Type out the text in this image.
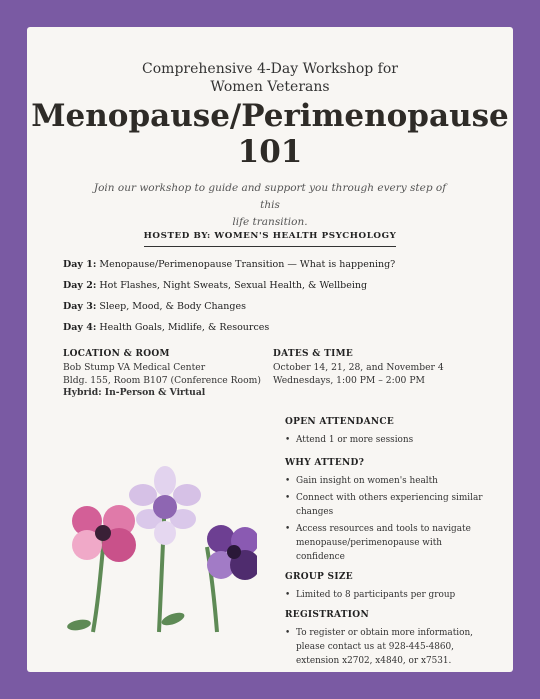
Comprehensive 4-Day Workshop for
Women Veterans
Menopause/Perimenopause
101
Join our workshop to guide and support you through every step of this
life transition.
HOSTED BY: WOMEN'S HEALTH PSYCHOLOGY
Day 1: Menopause/Perimenopause Transition — What is happening?
Day 2: Hot Flashes, Night Sweats, Sexual Health, & Wellbeing
Day 3: Sleep, Mood, & Body Changes
Day 4: Health Goals, Midlife, & Resources
LOCATION & ROOM
Bob Stump VA Medical Center
Bldg. 155, Room B107 (Conference Room)
Hybrid: In-Person & Virtual
DATES & TIME
October 14, 21, 28, and November 4
Wednesdays, 1:00 PM – 2:00 PM
OPEN ATTENDANCE
• Attend 1 or more sessions
WHY ATTEND?
• Gain insight on women's health
• Connect with others experiencing similar changes
• Access resources and tools to navigate menopause/perimenopause with confidence
GROUP SIZE
• Limited to 8 participants per group
REGISTRATION
• To register or obtain more information, please contact us at 928-445-4860, extension x2702, x4840, or x7531.
